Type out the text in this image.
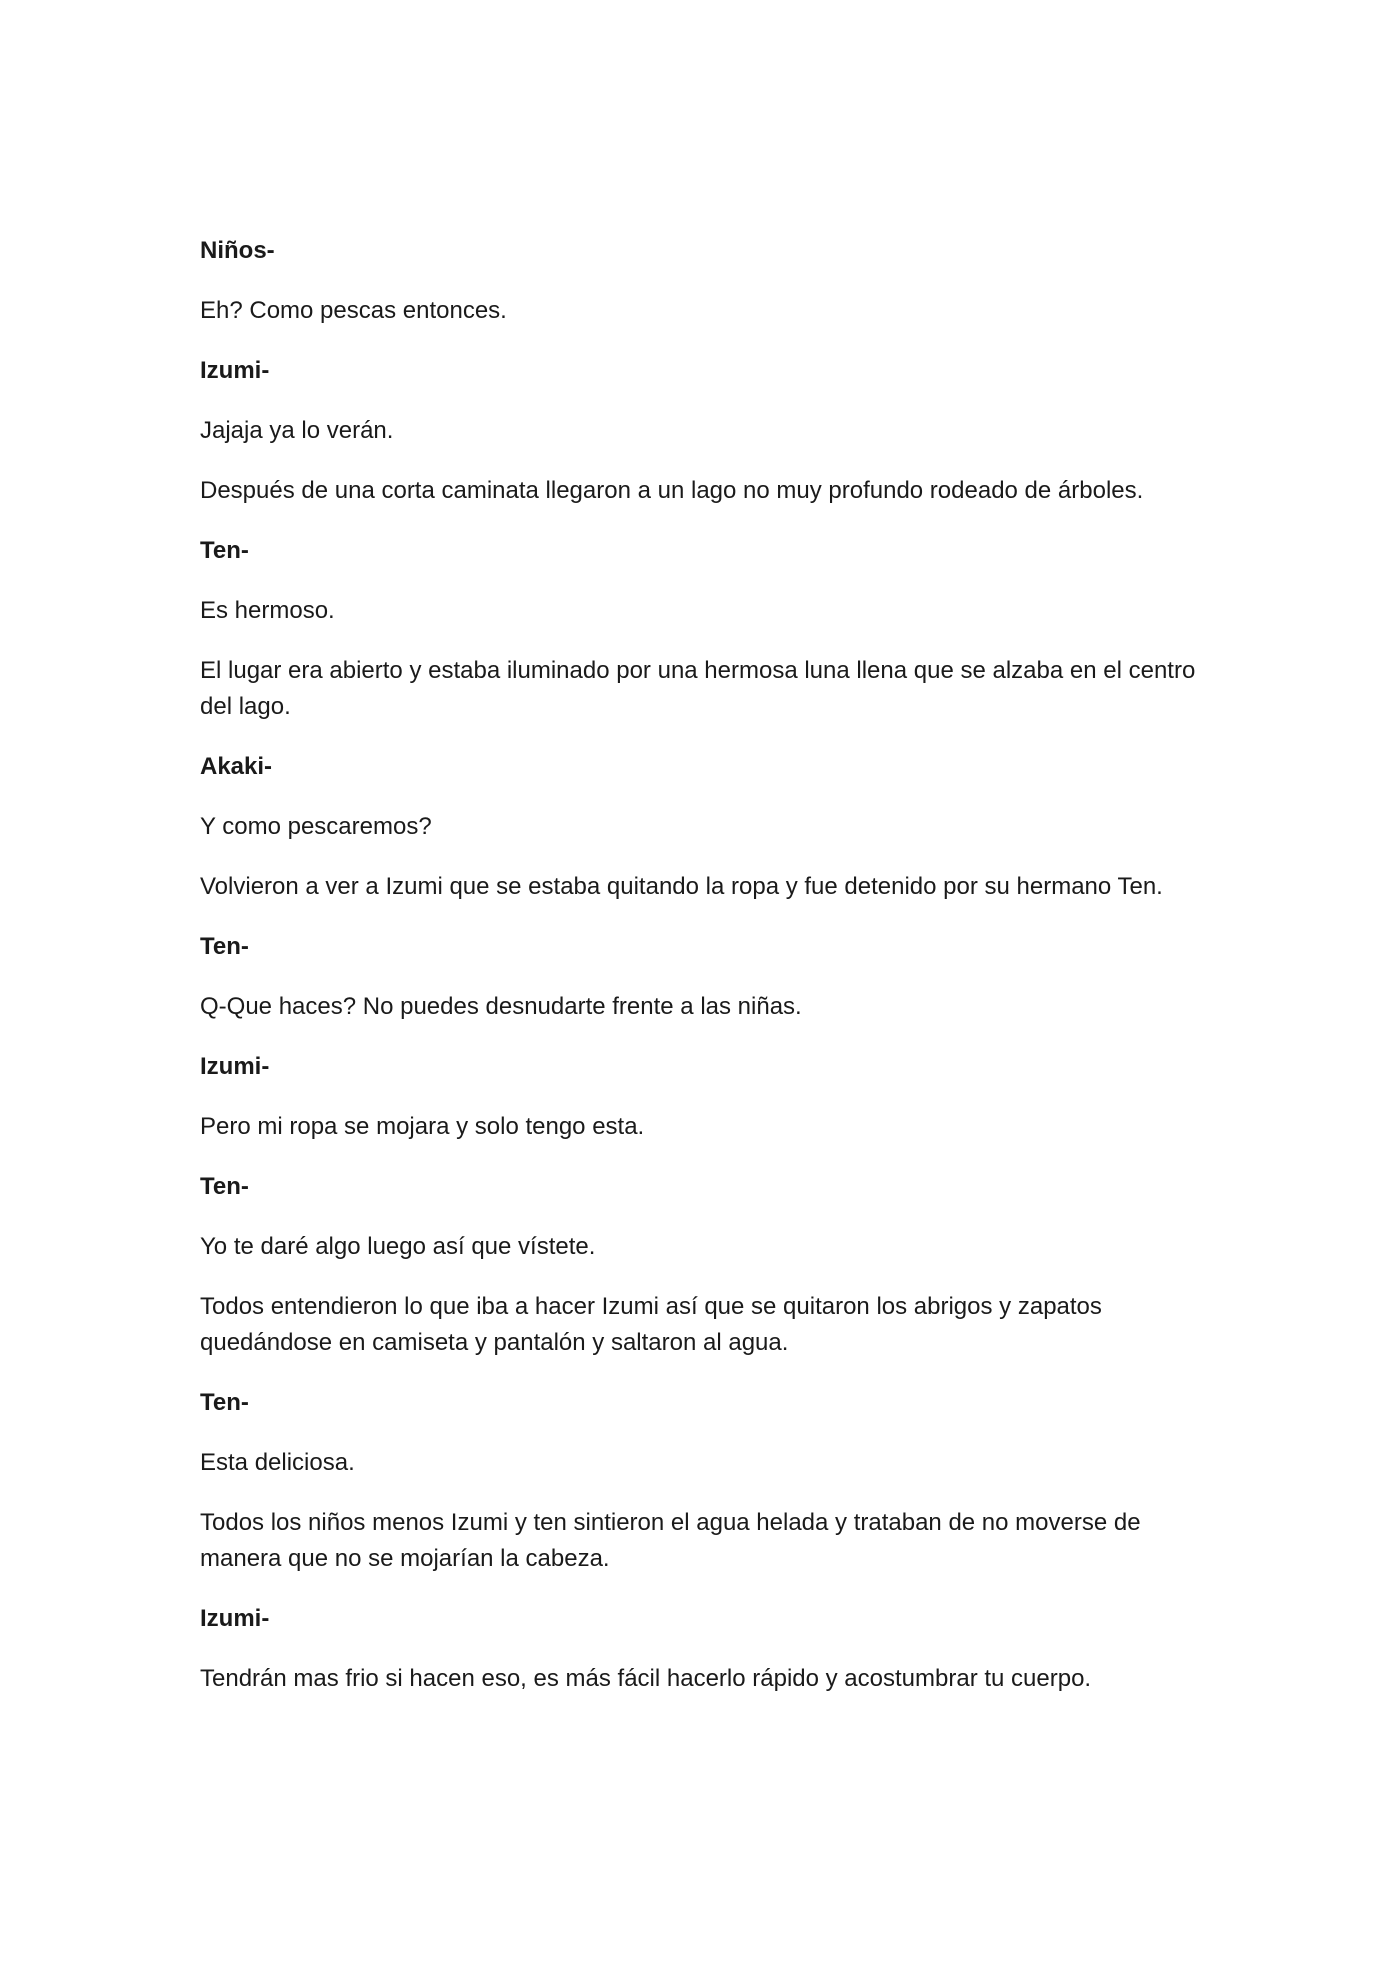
Niños-

Eh? Como pescas entonces.

Izumi-

Jajaja ya lo verán.

Después de una corta caminata llegaron a un lago no muy profundo rodeado de árboles.

Ten-

Es hermoso.

El lugar era abierto y estaba iluminado por una hermosa luna llena que se alzaba en el centro del lago.

Akaki-

Y como pescaremos?

Volvieron a ver a Izumi que se estaba quitando la ropa y fue detenido por su hermano Ten.

Ten-

Q-Que haces? No puedes desnudarte frente a las niñas.

Izumi-

Pero mi ropa se mojara y solo tengo esta.

Ten-

Yo te daré algo luego así que vístete.

Todos entendieron lo que iba a hacer Izumi así que se quitaron los abrigos y zapatos quedándose en camiseta y pantalón y saltaron al agua.

Ten-

Esta deliciosa.

Todos los niños menos Izumi y ten sintieron el agua helada y trataban de no moverse de manera que no se mojarían la cabeza.

Izumi-

Tendrán mas frio si hacen eso, es más fácil hacerlo rápido y acostumbrar tu cuerpo.
